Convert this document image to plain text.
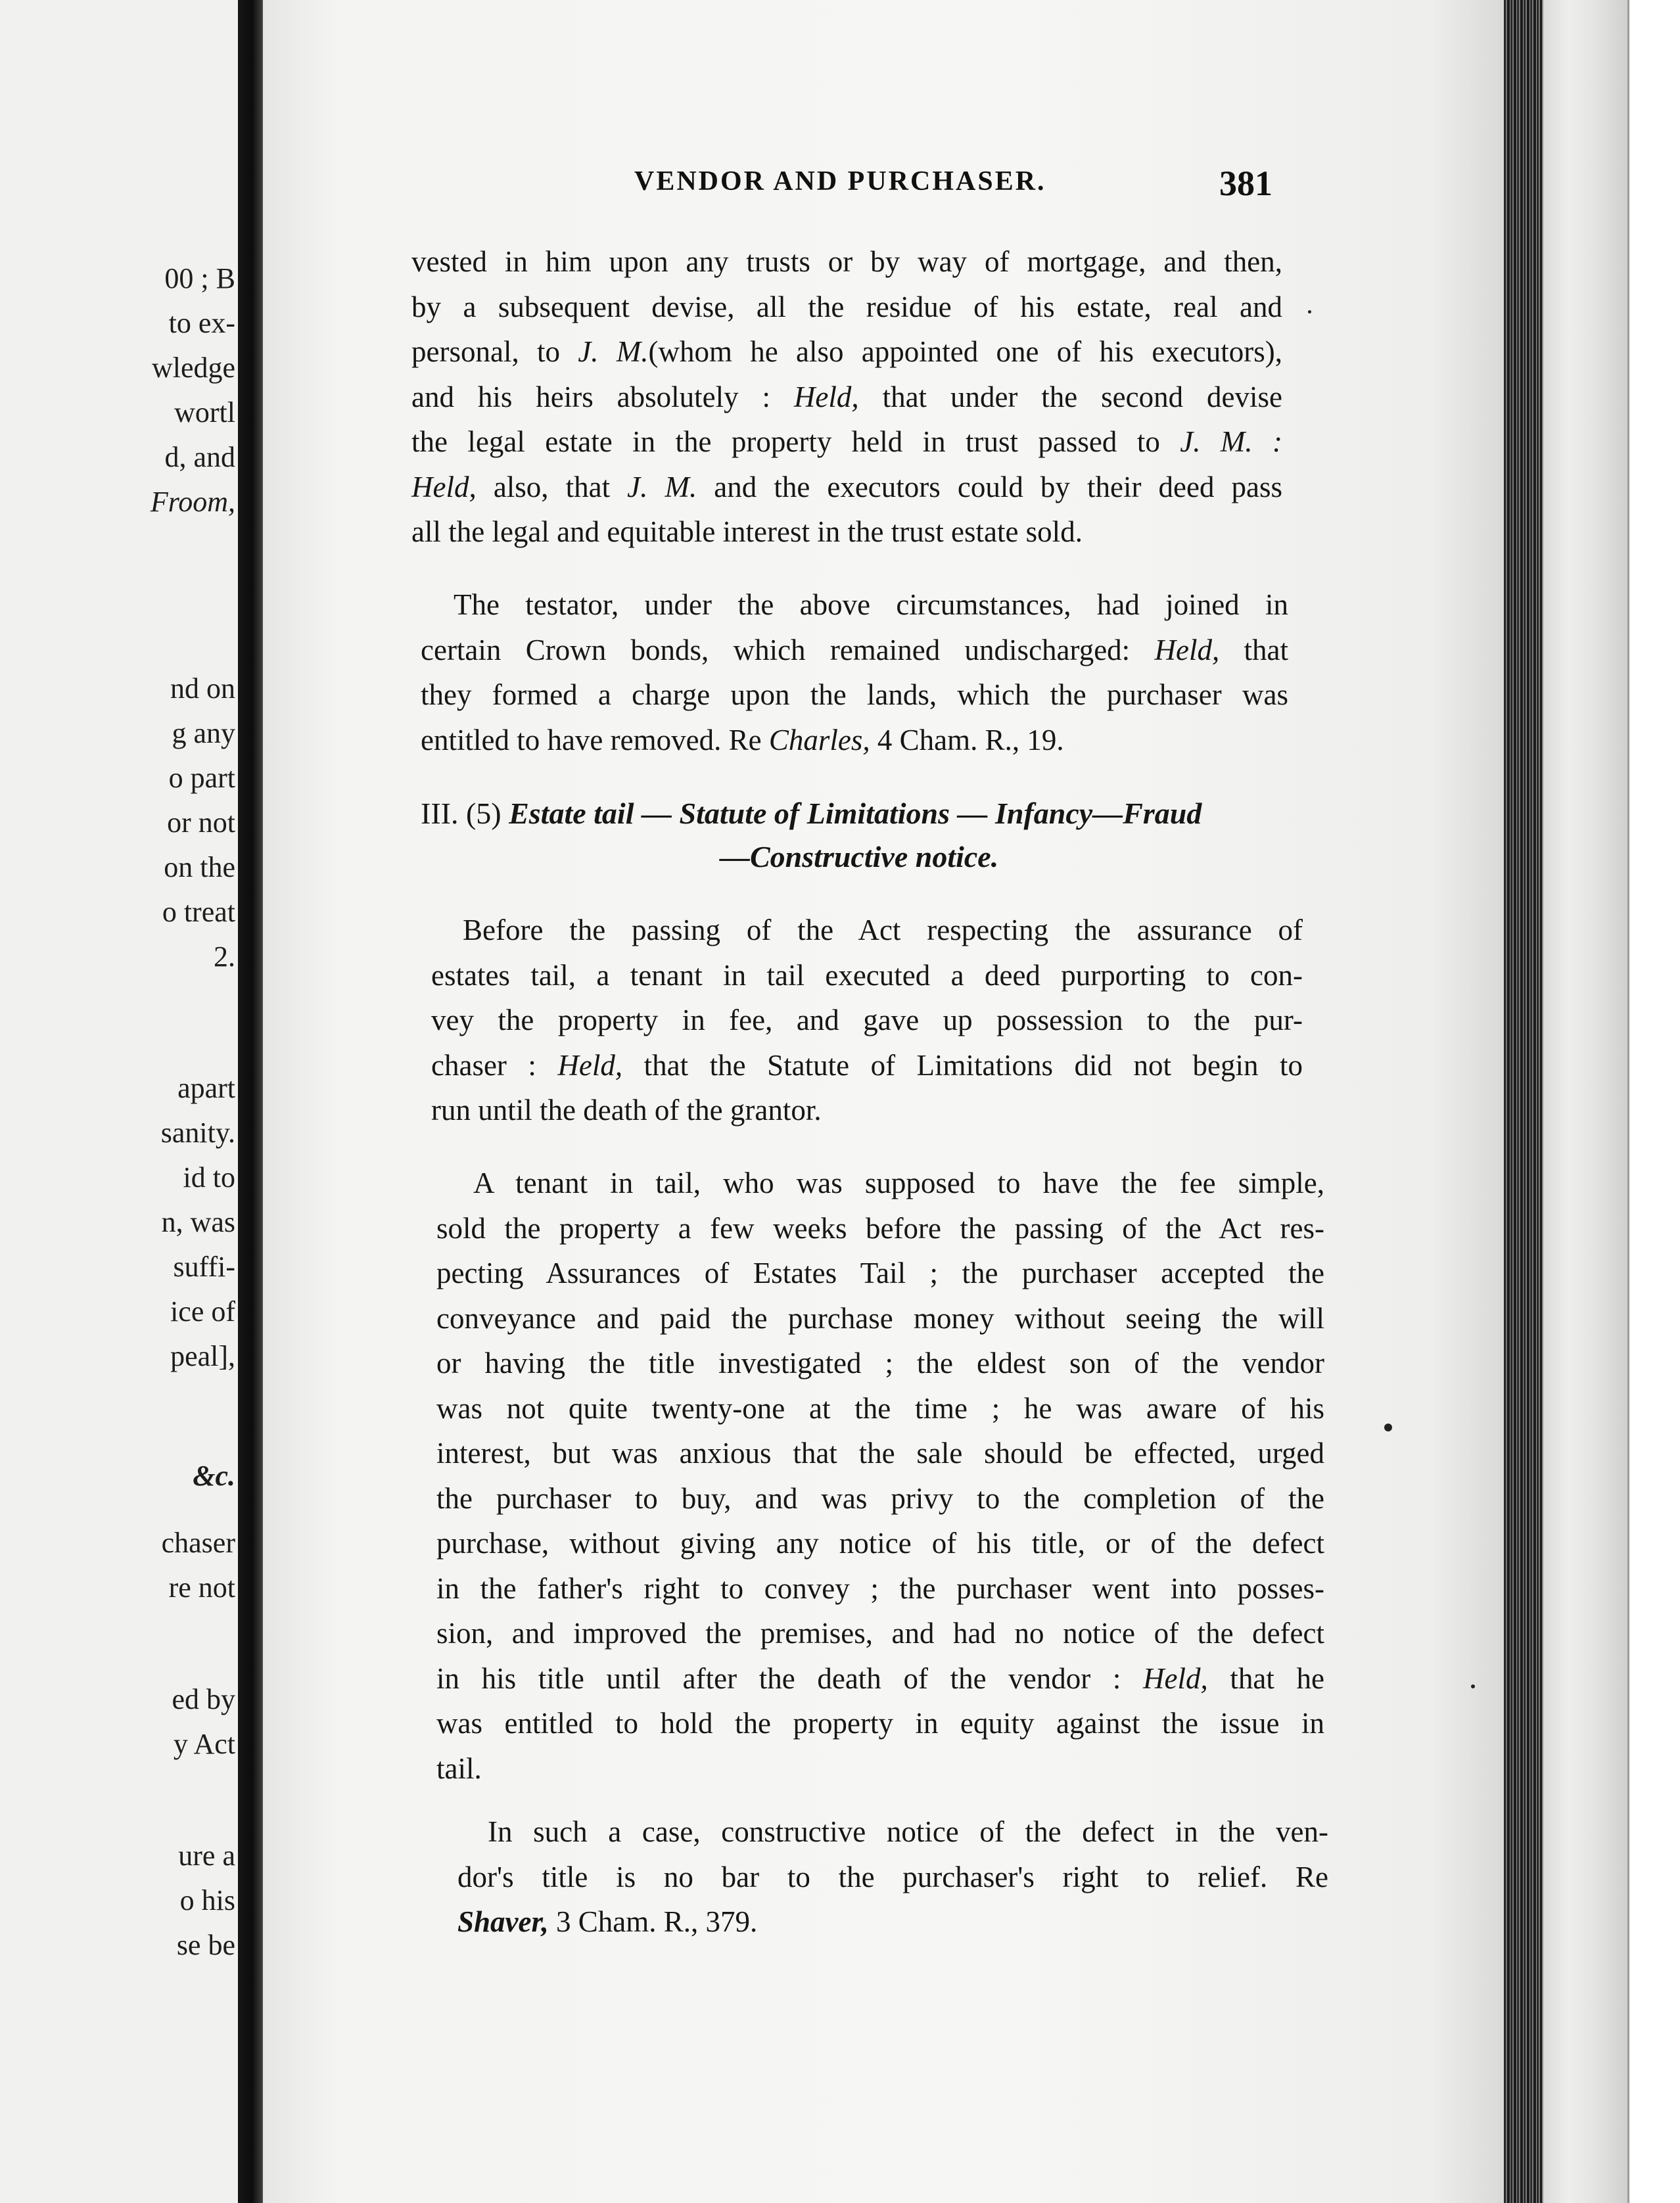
00 ; B
to ex-
wledge
wortl
d, and
Froom,
nd on
g any
o part
or not
on the
o treat
2.
apart
sanity.
id to
n, was
suffi-
ice of
peal],
&c.
chaser
re not
ed by
y Act
ure a
o his
se be
VENDOR AND PURCHASER.	381
vested in him upon any trusts or by way of mortgage, and then,
by a subsequent devise, all the residue of his estate, real and
personal, to J. M.(whom he also appointed one of his executors),
and his heirs absolutely : Held, that under the second devise
the legal estate in the property held in trust passed to J. M. :
Held, also, that J. M. and the executors could by their deed pass
all the legal and equitable interest in the trust estate sold.
The testator, under the above circumstances, had joined in
certain Crown bonds, which remained undischarged: Held, that
they formed a charge upon the lands, which the purchaser was
entitled to have removed. Re Charles, 4 Cham. R., 19.
III. (5) Estate tail — Statute of Limitations — Infancy—Fraud
—Constructive notice.
Before the passing of the Act respecting the assurance of
estates tail, a tenant in tail executed a deed purporting to con-
vey the property in fee, and gave up possession to the pur-
chaser : Held, that the Statute of Limitations did not begin to
run until the death of the grantor.
A tenant in tail, who was supposed to have the fee simple,
sold the property a few weeks before the passing of the Act res-
pecting Assurances of Estates Tail ; the purchaser accepted the
conveyance and paid the purchase money without seeing the will
or having the title investigated ; the eldest son of the vendor
was not quite twenty-one at the time ; he was aware of his
interest, but was anxious that the sale should be effected, urged
the purchaser to buy, and was privy to the completion of the
purchase, without giving any notice of his title, or of the defect
in the father's right to convey ; the purchaser went into posses-
sion, and improved the premises, and had no notice of the defect
in his title until after the death of the vendor : Held, that he
was entitled to hold the property in equity against the issue in
tail.
In such a case, constructive notice of the defect in the ven-
dor's title is no bar to the purchaser's right to relief. Re
Shaver, 3 Cham. R., 379.
